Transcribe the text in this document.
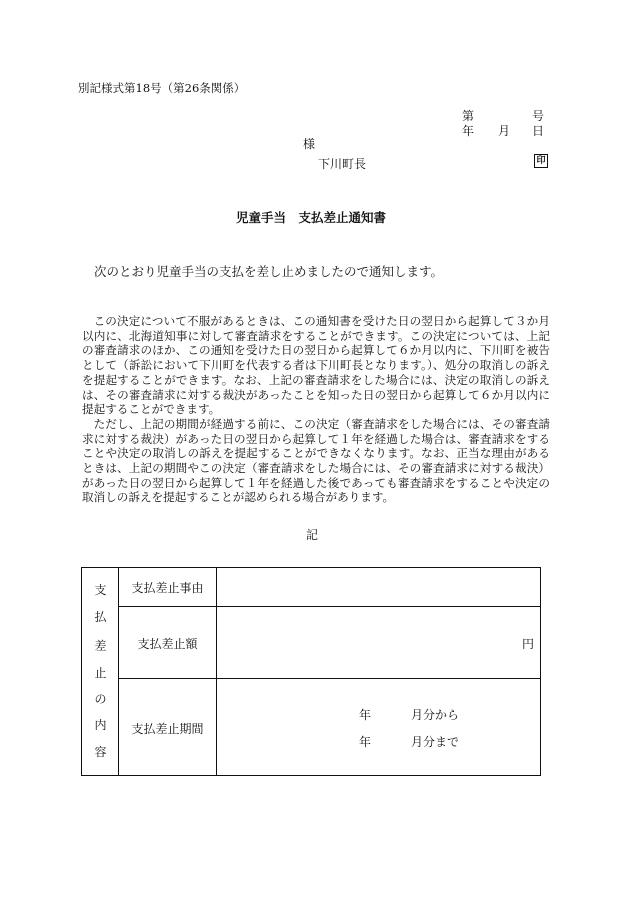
別記様式第18号（第26条関係）
第	号
年 月 日
様
下川町長	印
児童手当　支払差止通知書
次のとおり児童手当の支払を差し止めましたので通知します。

この決定について不服があるときは、この通知書を受けた日の翌日から起算して３か月以内に、北海道知事に対して審査請求をすることができます。この決定については、上記の審査請求のほか、この通知を受けた日の翌日から起算して６か月以内に、下川町を被告として（訴訟において下川町を代表する者は下川町長となります。）、処分の取消しの訴えを提起することができます。なお、上記の審査請求をした場合には、決定の取消しの訴えは、その審査請求に対する裁決があったことを知った日の翌日から起算して６か月以内に提起することができます。

ただし、上記の期間が経過する前に、この決定（審査請求をした場合には、その審査請求に対する裁決）があった日の翌日から起算して１年を経過した場合は、審査請求をすることや決定の取消しの訴えを提起することができなくなります。なお、正当な理由があるときは、上記の期間やこの決定（審査請求をした場合には、その審査請求に対する裁決）があった日の翌日から起算して１年を経過した後であっても審査請求をすることや決定の取消しの訴えを提起することが認められる場合があります。

記
支
払
差
止
の
内
容
支払差止事由
支払差止額	円
支払差止期間
年	月分から
年	月分まで
